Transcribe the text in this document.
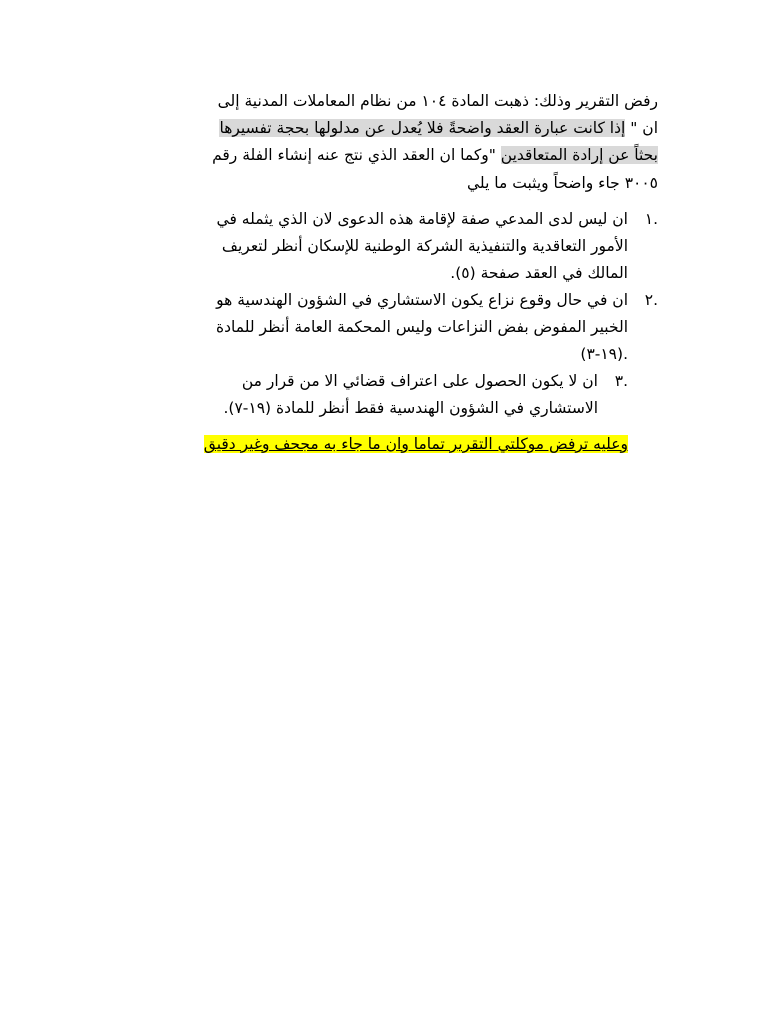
رفض التقرير وذلك: ذهبت المادة ١٠٤ من نظام المعاملات المدنية إلى
ان " إذا كانت عبارة العقد واضحةً فلا يُعدل عن مدلولها بحجة تفسيرها
بحثاً عن إرادة المتعاقدين "وكما ان العقد الذي نتج عنه إنشاء الفلة رقم
٣٠٠٥ جاء واضحاً ويثبت ما يلي
.١
ان ليس لدى المدعي صفة لإقامة هذه الدعوى لان الذي يثمله في
الأمور التعاقدية والتنفيذية الشركة الوطنية للإسكان أنظر لتعريف
المالك في العقد صفحة (٥).
.٢
ان في حال وقوع نزاع يكون الاستشاري في الشؤون الهندسية هو
الخبير المفوض بفض النزاعات وليس المحكمة العامة أنظر للمادة
(١٩-٣).
.٣
ان لا يكون الحصول على اعتراف قضائي الا من قرار من
الاستشاري في الشؤون الهندسية فقط أنظر للمادة (١٩-٧).
وعليه ترفض موكلتي التقرير تماما وان ما جاء به مجحف وغير دقيق
